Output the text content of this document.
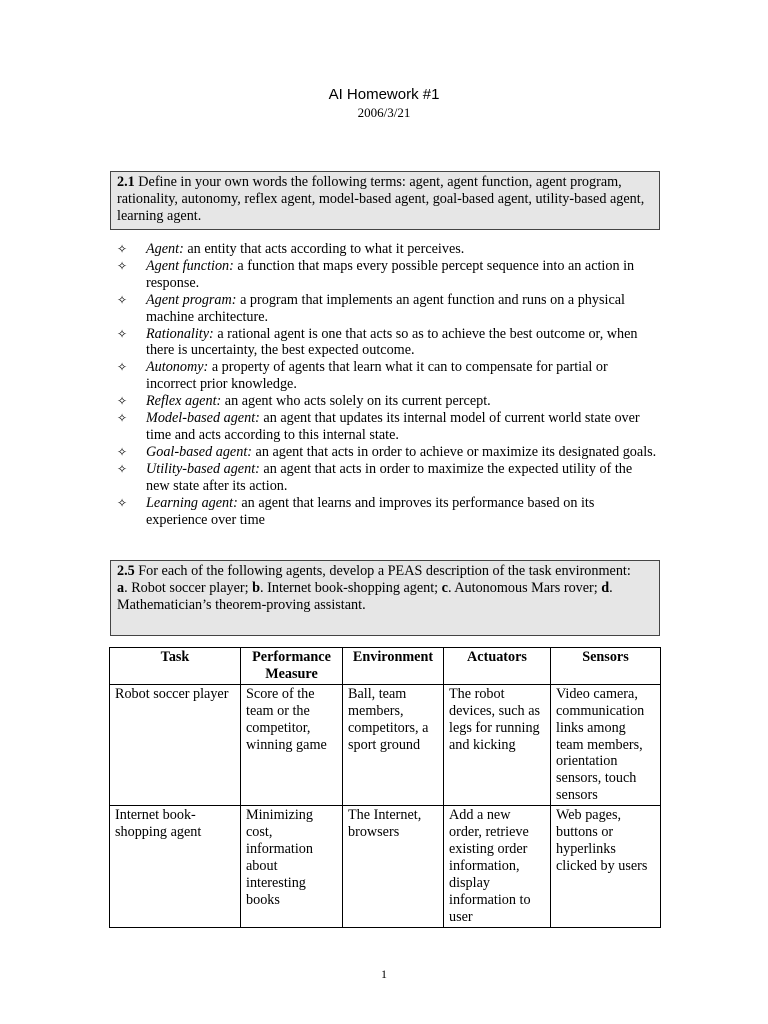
AI Homework #1
2006/3/21
2.1 Define in your own words the following terms: agent, agent function, agent program, rationality, autonomy, reflex agent, model-based agent, goal-based agent, utility-based agent, learning agent.
✧ Agent: an entity that acts according to what it perceives.
✧ Agent function: a function that maps every possible percept sequence into an action in response.
✧ Agent program: a program that implements an agent function and runs on a physical machine architecture.
✧ Rationality: a rational agent is one that acts so as to achieve the best outcome or, when there is uncertainty, the best expected outcome.
✧ Autonomy: a property of agents that learn what it can to compensate for partial or incorrect prior knowledge.
✧ Reflex agent: an agent who acts solely on its current percept.
✧ Model-based agent: an agent that updates its internal model of current world state over time and acts according to this internal state.
✧ Goal-based agent: an agent that acts in order to achieve or maximize its designated goals.
✧ Utility-based agent: an agent that acts in order to maximize the expected utility of the new state after its action.
✧ Learning agent: an agent that learns and improves its performance based on its experience over time
2.5 For each of the following agents, develop a PEAS description of the task environment:
a. Robot soccer player; b. Internet book-shopping agent; c. Autonomous Mars rover; d. Mathematician’s theorem-proving assistant.
Task	Performance Measure	Environment	Actuators	Sensors
Robot soccer player	Score of the team or the competitor, winning game	Ball, team members, competitors, a sport ground	The robot devices, such as legs for running and kicking	Video camera, communication links among team members, orientation sensors, touch sensors
Internet book-shopping agent	Minimizing cost, information about interesting books	The Internet, browsers	Add a new order, retrieve existing order information, display information to user	Web pages, buttons or hyperlinks clicked by users
1
